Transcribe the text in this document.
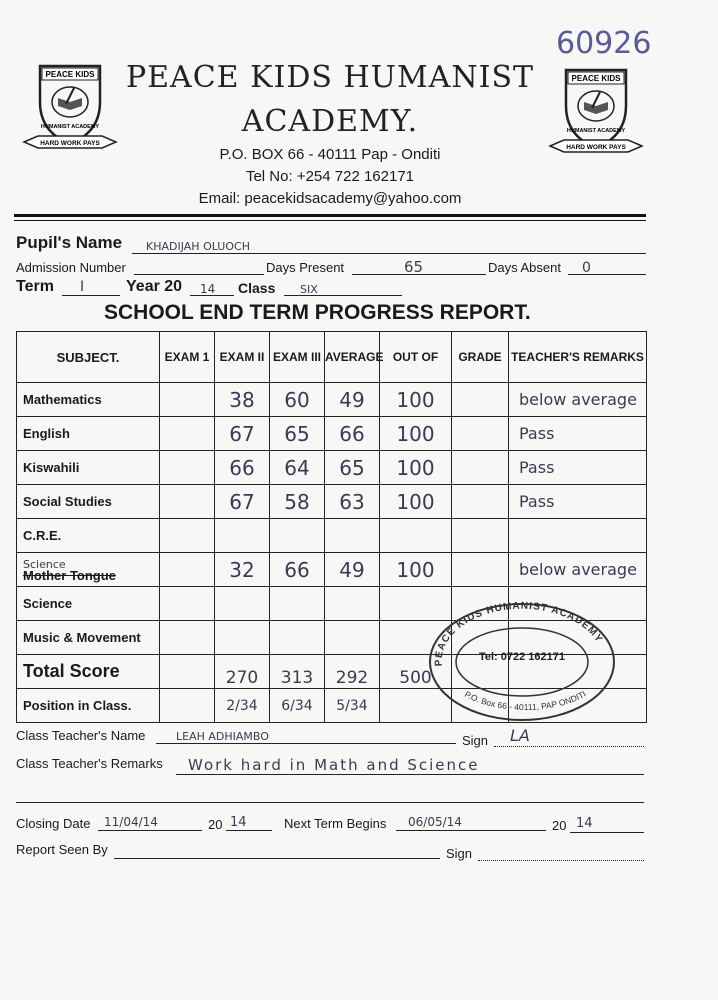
60926
PEACE KIDS
HUMANIST ACADEMY
HARD WORK PAYS
PEACE KIDS
HUMANIST ACADEMY
HARD WORK PAYS
PEACE KIDS HUMANIST
ACADEMY.
P.O. BOX 66 - 40111 Pap - Onditi
Tel No: +254 722 162171
Email: peacekidsacademy@yahoo.com
Pupil's Name KHADIJAH OLUOCH
Admission Number	Days Present	65	Days Absent 0
Term I	Year 20 14 Class SIX
SCHOOL END TERM PROGRESS REPORT.
SUBJECT.	EXAM 1	EXAM II	EXAM III	AVERAGE	OUT OF	GRADE	TEACHER'S REMARKS
Mathematics		38	60	49	100		below average
English		67	65	66	100		Pass
Kiswahili		66	64	65	100		Pass
Social Studies		67	58	63	100		Pass
C.R.E.							

Science
Mother Tongue		32	66	49	100		below average
Science							
Music & Movement							
Total Score		270	313	292	500		
Position in Class.		2/34	6/34	5/34			
PEACE KIDS HUMANIST ACADEMY
Tel: 0722 162171
P.O. Box 66 - 40111, PAP ONDITI
Class Teacher's Name	LEAH ADHIAMBO	Sign LA
Class Teacher's Remarks Work hard in Math and Science
Closing Date 11/04/14	20 14	Next Term Begins 06/05/14	20 14
Report Seen By	Sign
